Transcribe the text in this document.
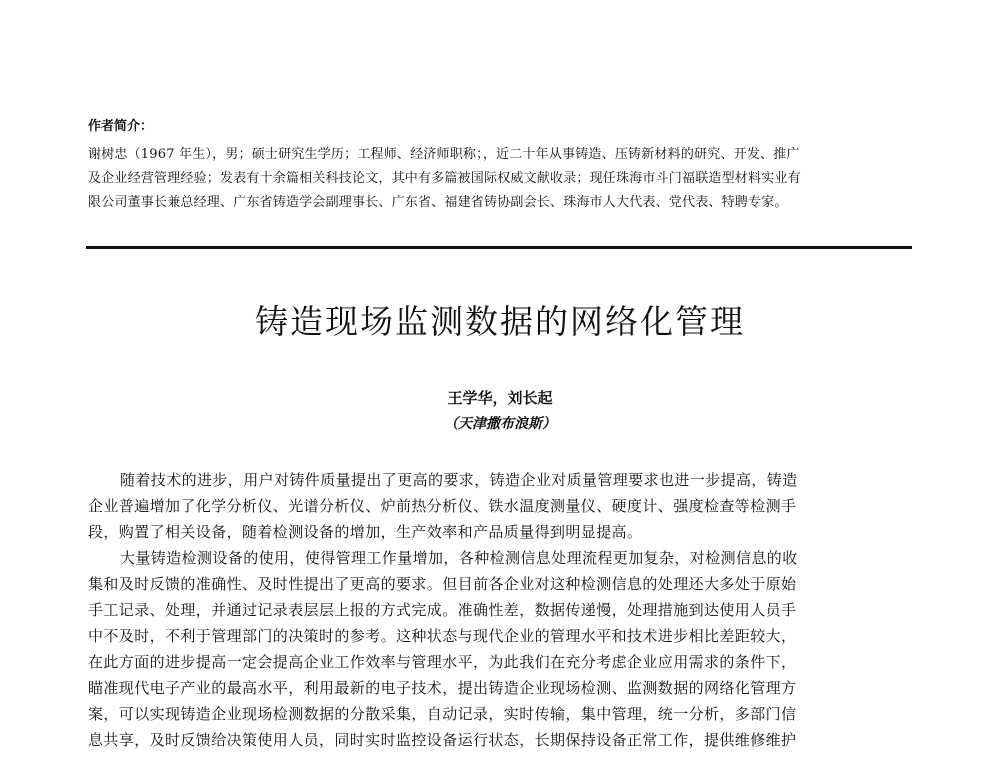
作者简介：

谢树忠（1967 年生），男；硕士研究生学历；工程师、经济师职称；，近二十年从事铸造、压铸新材料的研究、开发、推广
及企业经营管理经验；发表有十余篇相关科技论文，其中有多篇被国际权威文献收录；现任珠海市斗门福联造型材料实业有
限公司董事长兼总经理、广东省铸造学会副理事长、广东省、福建省铸协副会长、珠海市人大代表、党代表、特聘专家。

铸造现场监测数据的网络化管理

王学华，刘长起

（天津撒布浪斯）

随着技术的进步，用户对铸件质量提出了更高的要求，铸造企业对质量管理要求也进一步提高，铸造
企业普遍增加了化学分析仪、光谱分析仪、炉前热分析仪、铁水温度测量仪、硬度计、强度检查等检测手
段，购置了相关设备，随着检测设备的增加，生产效率和产品质量得到明显提高。
大量铸造检测设备的使用，使得管理工作量增加，各种检测信息处理流程更加复杂，对检测信息的收
集和及时反馈的准确性、及时性提出了更高的要求。但目前各企业对这种检测信息的处理还大多处于原始
手工记录、处理，并通过记录表层层上报的方式完成。准确性差，数据传递慢，处理措施到达使用人员手
中不及时，不利于管理部门的决策时的参考。这种状态与现代企业的管理水平和技术进步相比差距较大，
在此方面的进步提高一定会提高企业工作效率与管理水平，为此我们在充分考虑企业应用需求的条件下，
瞄准现代电子产业的最高水平，利用最新的电子技术，提出铸造企业现场检测、监测数据的网络化管理方
案，可以实现铸造企业现场检测数据的分散采集，自动记录，实时传输，集中管理，统一分析，多部门信
息共享，及时反馈给决策使用人员，同时实时监控设备运行状态，长期保持设备正常工作，提供维修维护
